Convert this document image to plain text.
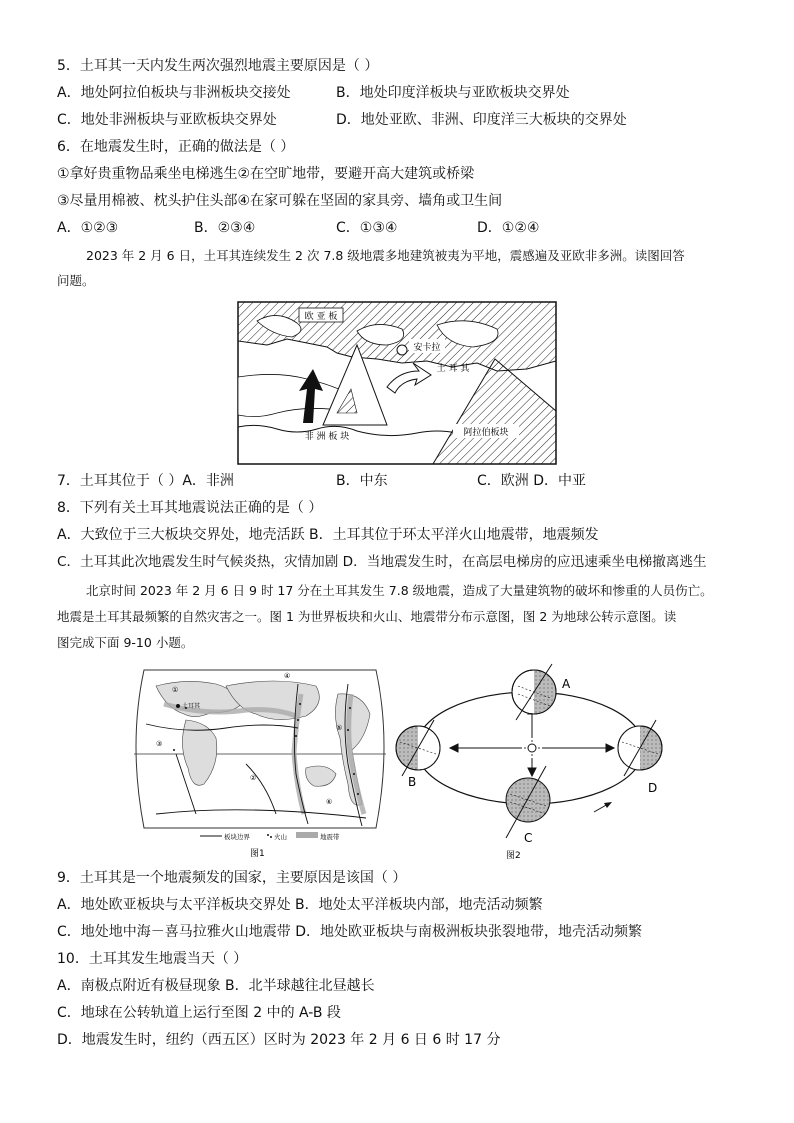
5．土耳其一天内发生两次强烈地震主要原因是（ ）
A．地处阿拉伯板块与非洲板块交接处	B．地处印度洋板块与亚欧板块交界处
C．地处非洲板块与亚欧板块交界处	D．地处亚欧、非洲、印度洋三大板块的交界处
6．在地震发生时，正确的做法是（ ）
①拿好贵重物品乘坐电梯逃生②在空旷地带，要避开高大建筑或桥梁
③尽量用棉被、枕头护住头部④在家可躲在坚固的家具旁、墙角或卫生间
A．①②③	B．②③④	C．①③④	D．①②④
2023 年 2 月 6 日，土耳其连续发生 2 次 7.8 级地震多地建筑被夷为平地，震感遍及亚欧非多洲。读图回答
问题。
欧 亚 板
安卡拉
土 耳 其
非 洲 板 块	阿拉伯板块
7．土耳其位于（ ）A．非洲	B．中东	C．欧洲 D．中亚
8．下列有关土耳其地震说法正确的是（ ）
A．大致位于三大板块交界处，地壳活跃 B．土耳其位于环太平洋火山地震带，地震频发
C．土耳其此次地震发生时气候炎热，灾情加剧 D．当地震发生时，在高层电梯房的应迅速乘坐电梯撤离逃生
北京时间 2023 年 2 月 6 日 9 时 17 分在土耳其发生 7.8 级地震，造成了大量建筑物的破坏和惨重的人员伤亡。
地震是土耳其最频繁的自然灾害之一。图 1 为世界板块和火山、地震带分布示意图，图 2 为地球公转示意图。读
图完成下面 9-10 小题。
土耳其
①
②
③
④
⑤
⑥
板块边界	火山	地震带
图1
A
B	D
C
图2
9．土耳其是一个地震频发的国家，主要原因是该国（ ）
A．地处欧亚板块与太平洋板块交界处 B．地处太平洋板块内部，地壳活动频繁
C．地处地中海－喜马拉雅火山地震带 D．地处欧亚板块与南极洲板块张裂地带，地壳活动频繁
10．土耳其发生地震当天（ ）
A．南极点附近有极昼现象 B．北半球越往北昼越长
C．地球在公转轨道上运行至图 2 中的 A-B 段
D．地震发生时，纽约（西五区）区时为 2023 年 2 月 6 日 6 时 17 分
